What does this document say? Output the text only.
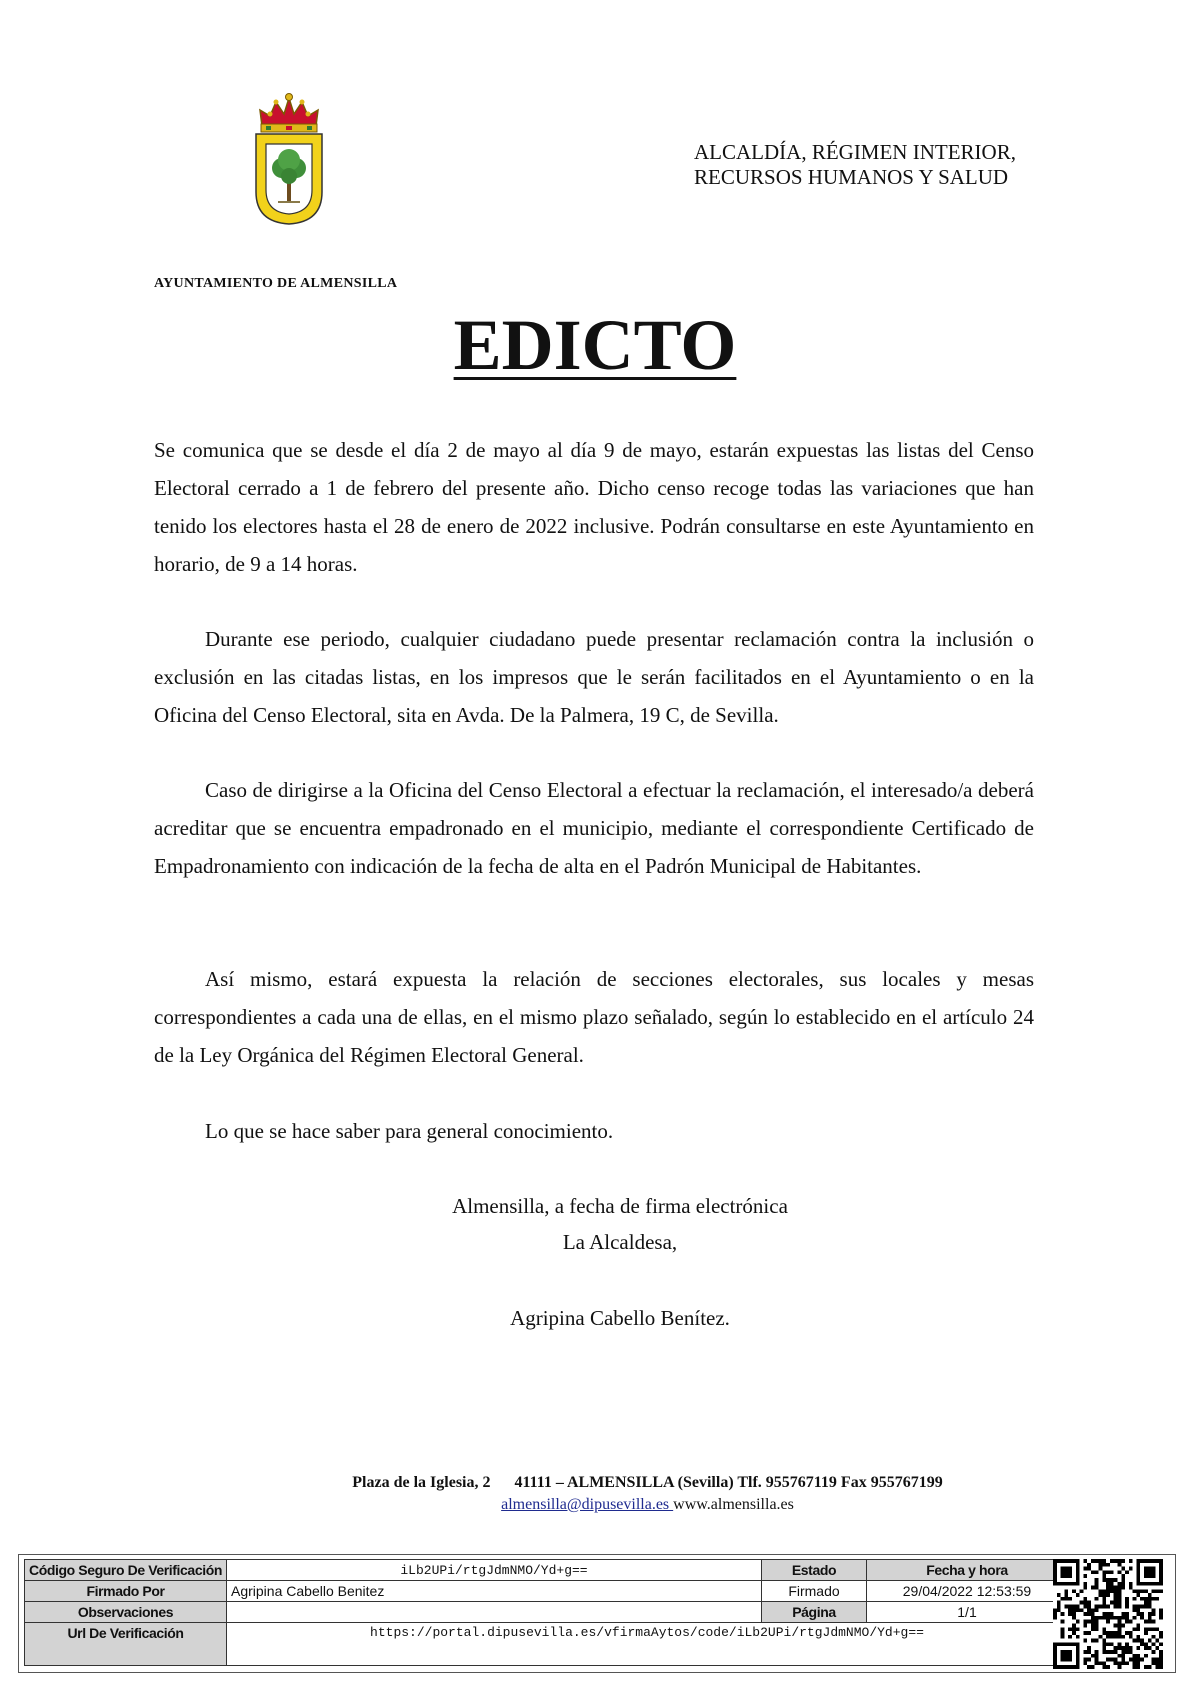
ALCALDÍA, RÉGIMEN INTERIOR,
RECURSOS HUMANOS Y SALUD
AYUNTAMIENTO DE ALMENSILLA
EDICTO
Se comunica que se desde el día 2 de mayo al día 9 de mayo, estarán expuestas las listas del Censo Electoral cerrado a 1 de febrero del presente año. Dicho censo recoge todas las variaciones que han tenido los electores hasta el 28 de enero de 2022 inclusive. Podrán consultarse en este Ayuntamiento en horario, de 9 a 14 horas.
Durante ese periodo, cualquier ciudadano puede presentar reclamación contra la inclusión o exclusión en las citadas listas, en los impresos que le serán facilitados en el Ayuntamiento o en la Oficina del Censo Electoral, sita en Avda. De la Palmera, 19 C, de Sevilla.
Caso de dirigirse a la Oficina del Censo Electoral a efectuar la reclamación, el interesado/a deberá acreditar que se encuentra empadronado en el municipio, mediante el correspondiente Certificado de Empadronamiento con indicación de la fecha de alta en el Padrón Municipal de Habitantes.
Así mismo, estará expuesta la relación de secciones electorales, sus locales y mesas correspondientes a cada una de ellas, en el mismo plazo señalado, según lo establecido en el artículo 24 de la Ley Orgánica del Régimen Electoral General.
Lo que se hace saber para general conocimiento.
Almensilla, a fecha de firma electrónica
La Alcaldesa,
Agripina Cabello Benítez.
Plaza de la Iglesia, 2      41111 – ALMENSILLA (Sevilla) Tlf. 955767119 Fax 955767199
almensilla@dipusevilla.es www.almensilla.es
Código Seguro De Verificación	iLb2UPi/rtgJdmNMO/Yd+g==	Estado	Fecha y hora
Firmado Por	Agripina Cabello Benitez	Firmado	29/04/2022 12:53:59
Observaciones		Página	1/1
Url De Verificación	https://portal.dipusevilla.es/vfirmaAytos/code/iLb2UPi/rtgJdmNMO/Yd+g==		
